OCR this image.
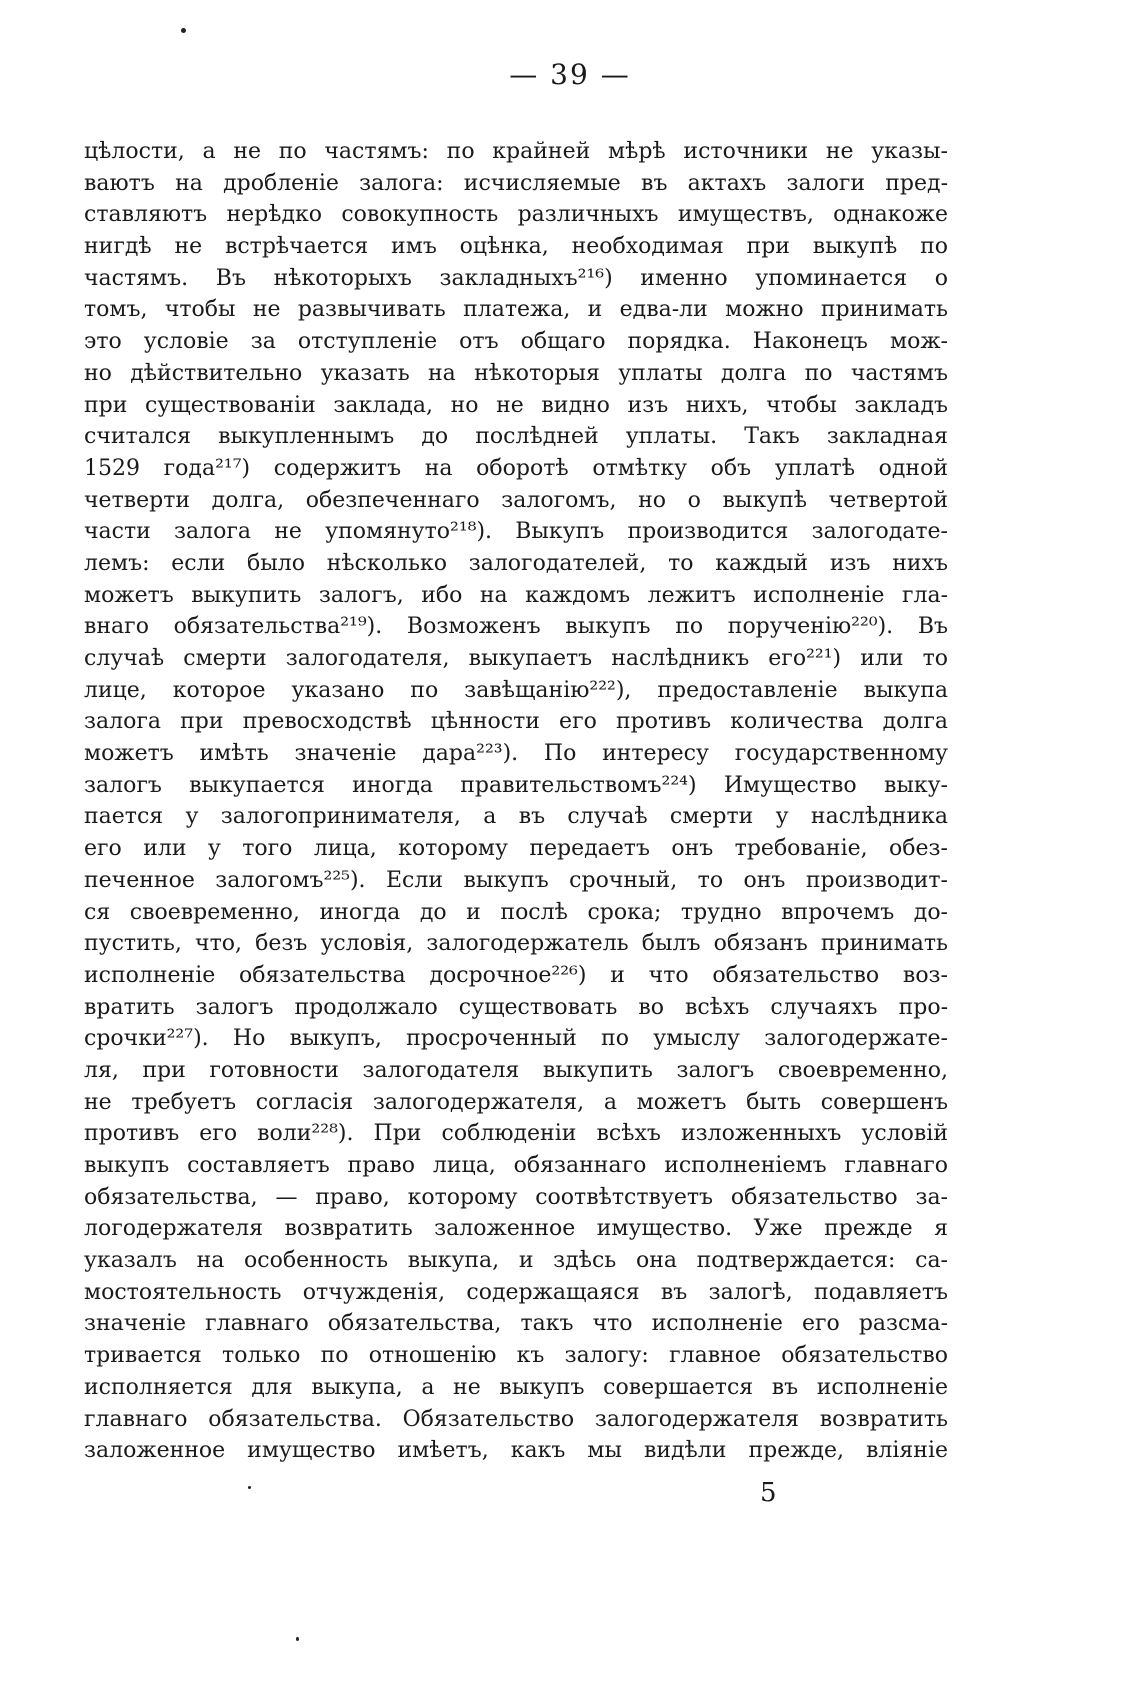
— 39 —
цѣлости, а не по частямъ: по крайней мѣрѣ источники не указы-
ваютъ на дробленіе залога: исчисляемые въ актахъ залоги пред-
ставляютъ нерѣдко совокупность различныхъ имуществъ, однакоже
нигдѣ не встрѣчается имъ оцѣнка, необходимая при выкупѣ по
частямъ. Въ нѣкоторыхъ закладныхъ²¹⁶) именно упоминается о
томъ, чтобы не развычивать платежа, и едва-ли можно принимать
это условіе за отступленіе отъ общаго порядка. Наконецъ мож-
но дѣйствительно указать на нѣкоторыя уплаты долга по частямъ
при существованіи заклада, но не видно изъ нихъ, чтобы закладъ
считался выкупленнымъ до послѣдней уплаты. Такъ закладная
1529 года²¹⁷) содержитъ на оборотѣ отмѣтку объ уплатѣ одной
четверти долга, обезпеченнаго залогомъ, но о выкупѣ четвертой
части залога не упомянуто²¹⁸). Выкупъ производится залогодате-
лемъ: если было нѣсколько залогодателей, то каждый изъ нихъ
можетъ выкупить залогъ, ибо на каждомъ лежитъ исполненіе гла-
внаго обязательства²¹⁹). Возможенъ выкупъ по порученію²²⁰). Въ
случаѣ смерти залогодателя, выкупаетъ наслѣдникъ его²²¹) или то
лице, которое указано по завѣщанію²²²), предоставленіе выкупа
залога при превосходствѣ цѣнности его противъ количества долга
можетъ имѣть значеніе дара²²³). По интересу государственному
залогъ выкупается иногда правительствомъ²²⁴) Имущество выку-
пается у залогопринимателя, а въ случаѣ смерти у наслѣдника
его или у того лица, которому передаетъ онъ требованіе, обез-
печенное залогомъ²²⁵). Если выкупъ срочный, то онъ производит-
ся своевременно, иногда до и послѣ срока; трудно впрочемъ до-
пустить, что, безъ условія, залогодержатель былъ обязанъ принимать
исполненіе обязательства досрочное²²⁶) и что обязательство воз-
вратить залогъ продолжало существовать во всѣхъ случаяхъ про-
срочки²²⁷). Но выкупъ, просроченный по умыслу залогодержате-
ля, при готовности залогодателя выкупить залогъ своевременно,
не требуетъ согласія залогодержателя, а можетъ быть совершенъ
противъ его воли²²⁸). При соблюденіи всѣхъ изложенныхъ условій
выкупъ составляетъ право лица, обязаннаго исполненіемъ главнаго
обязательства, — право, которому соотвѣтствуетъ обязательство за-
логодержателя возвратить заложенное имущество. Уже прежде я
указалъ на особенность выкупа, и здѣсь она подтверждается: са-
мостоятельность отчужденія, содержащаяся въ залогѣ, подавляетъ
значеніе главнаго обязательства, такъ что исполненіе его разсма-
тривается только по отношенію къ залогу: главное обязательство
исполняется для выкупа, а не выкупъ совершается въ исполненіе
главнаго обязательства. Обязательство залогодержателя возвратить
заложенное имущество имѣетъ, какъ мы видѣли прежде, вліяніе
5
